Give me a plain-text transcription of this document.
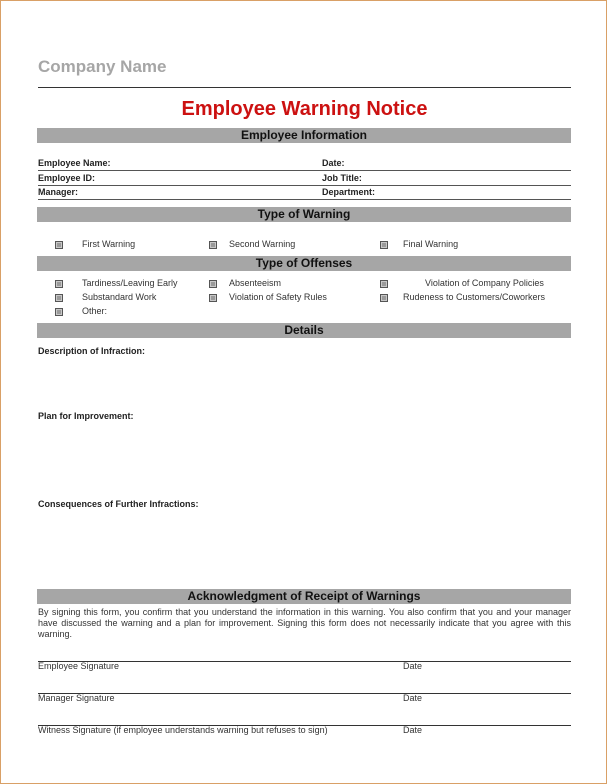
Company Name
Employee Warning Notice
Employee Information
Employee Name:	Date:
Employee ID:	Job Title:
Manager:	Department:
Type of Warning
First Warning	Second Warning	Final Warning
Type of Offenses
Tardiness/Leaving Early	Absenteeism	Violation of Company Policies
Substandard Work	Violation of Safety Rules	Rudeness to Customers/Coworkers
Other:
Details
Description of Infraction:
Plan for Improvement:
Consequences of Further Infractions:
Acknowledgment of Receipt of Warnings
By signing this form, you confirm that you understand the information in this warning. You also confirm that you and your manager have discussed the warning and a plan for improvement. Signing this form does not necessarily indicate that you agree with this warning.
Employee Signature	Date
Manager Signature	Date
Witness Signature (if employee understands warning but refuses to sign)	Date
